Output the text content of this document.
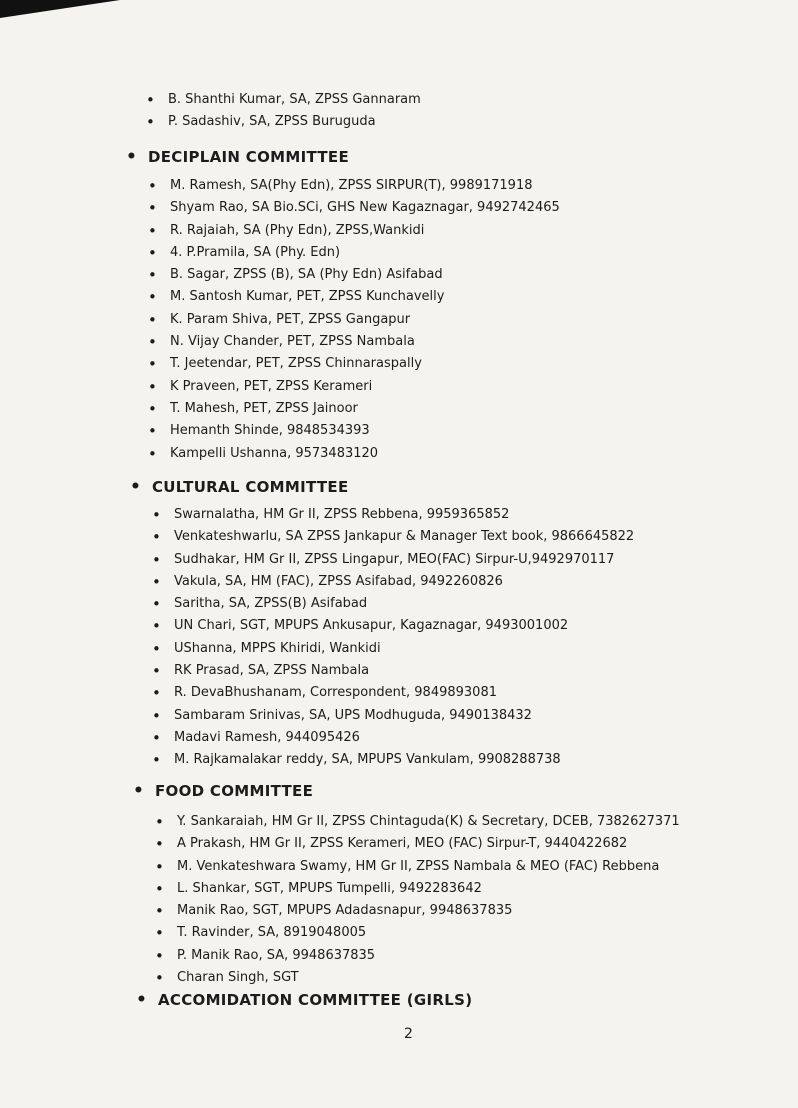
• B. Shanthi Kumar, SA, ZPSS Gannaram
• P. Sadashiv, SA, ZPSS Buruguda
• DECIPLAIN COMMITTEE
• M. Ramesh, SA(Phy Edn), ZPSS SIRPUR(T), 9989171918
• Shyam Rao, SA Bio.SCi, GHS New Kagaznagar, 9492742465
• R. Rajaiah, SA (Phy Edn), ZPSS,Wankidi
• 4. P.Pramila, SA (Phy. Edn)
• B. Sagar, ZPSS (B), SA (Phy Edn) Asifabad
• M. Santosh Kumar, PET, ZPSS Kunchavelly
• K. Param Shiva, PET, ZPSS Gangapur
• N. Vijay Chander, PET, ZPSS Nambala
• T. Jeetendar, PET, ZPSS Chinnaraspally
• K Praveen, PET, ZPSS Kerameri
• T. Mahesh, PET, ZPSS Jainoor
• Hemanth Shinde, 9848534393
• Kampelli Ushanna, 9573483120
• CULTURAL COMMITTEE
• Swarnalatha, HM Gr II, ZPSS Rebbena, 9959365852
• Venkateshwarlu, SA ZPSS Jankapur & Manager Text book, 9866645822
• Sudhakar, HM Gr II, ZPSS Lingapur, MEO(FAC) Sirpur-U,9492970117
• Vakula, SA, HM (FAC), ZPSS Asifabad, 9492260826
• Saritha, SA, ZPSS(B) Asifabad
• UN Chari, SGT, MPUPS Ankusapur, Kagaznagar, 9493001002
• UShanna, MPPS Khiridi, Wankidi
• RK Prasad, SA, ZPSS Nambala
• R. DevaBhushanam, Correspondent, 9849893081
• Sambaram Srinivas, SA, UPS Modhuguda, 9490138432
• Madavi Ramesh, 944095426
• M. Rajkamalakar reddy, SA, MPUPS Vankulam, 9908288738
• FOOD COMMITTEE
• Y. Sankaraiah, HM Gr II, ZPSS Chintaguda(K) & Secretary, DCEB, 7382627371
• A Prakash, HM Gr II, ZPSS Kerameri, MEO (FAC) Sirpur-T, 9440422682
• M. Venkateshwara Swamy, HM Gr II, ZPSS Nambala & MEO (FAC) Rebbena
• L. Shankar, SGT, MPUPS Tumpelli, 9492283642
• Manik Rao, SGT, MPUPS Adadasnapur, 9948637835
• T. Ravinder, SA, 8919048005
• P. Manik Rao, SA, 9948637835
• Charan Singh, SGT
• ACCOMIDATION COMMITTEE (GIRLS)
2
